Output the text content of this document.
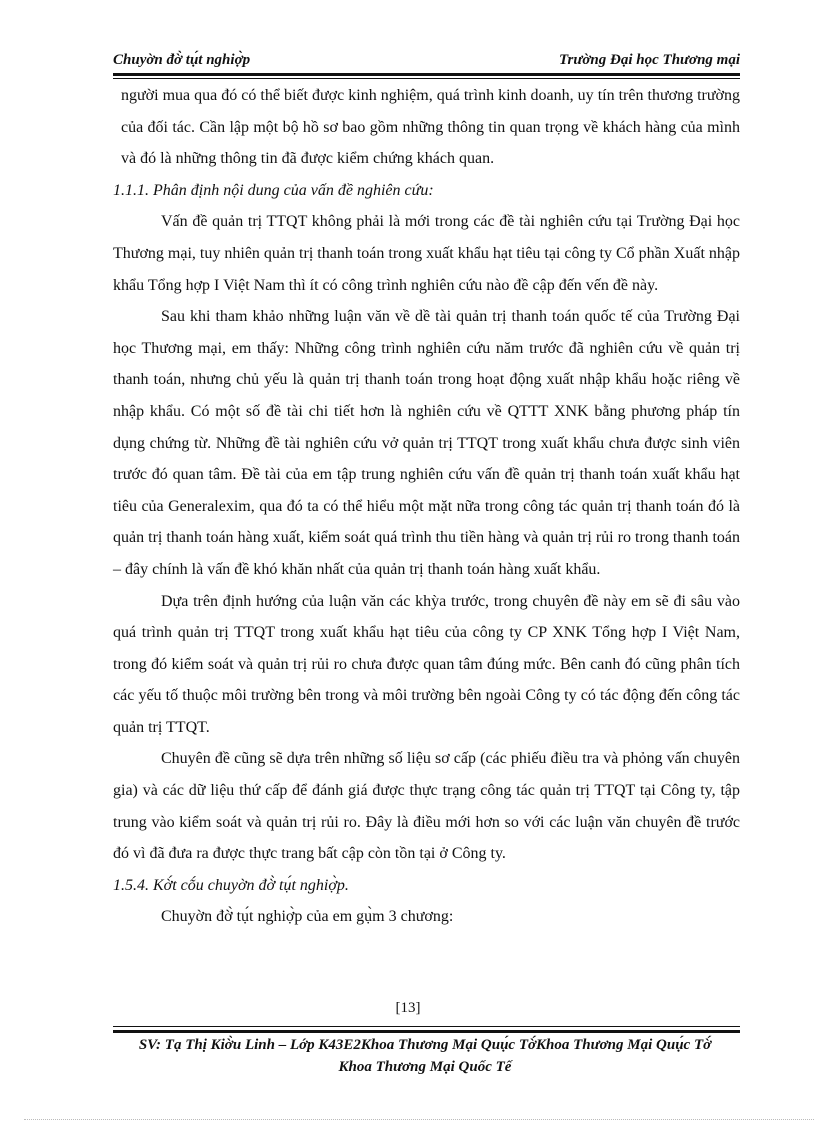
Chuyờn đờ̀ tụ́t nghiợ̀p	Trường Đại học Thương mại

người mua qua đó có thể biết được kinh nghiệm, quá trình kinh doanh, uy tín trên thương trường của đối tác. Cần lập một bộ hồ sơ bao gồm những thông tin quan trọng về khách hàng của mình và đó là những thông tin đã được kiểm chứng khách quan.

1.1.1. Phân định nội dung của vấn đề nghiên cứu:

Vấn đề quản trị TTQT không phải là mới trong các đề tài nghiên cứu tại Trường Đại học Thương mại, tuy nhiên quản trị thanh toán trong xuất khẩu hạt tiêu tại công ty Cổ phần Xuất nhập khẩu Tổng hợp I Việt Nam thì ít có công trình nghiên cứu nào đề cập đến vến đề này.

Sau khi tham khảo những luận văn về dề tài quản trị thanh toán quốc tế của Trường Đại học Thương mại, em thấy: Những công trình nghiên cứu năm trước đã nghiên cứu về quản trị thanh toán, nhưng chủ yếu là quản trị thanh toán trong hoạt động xuất nhập khẩu hoặc riêng về nhập khẩu. Có một số đề tài chi tiết hơn là nghiên cứu về QTTT XNK bằng phương pháp tín dụng chứng từ. Những đề tài nghiên cứu vở quản trị TTQT trong xuất khẩu chưa được sinh viên trước đó quan tâm. Đề tài của em tập trung nghiên cứu vấn đề quản trị thanh toán xuất khẩu hạt tiêu của Generalexim, qua đó ta có thể hiểu một mặt nữa trong công tác quản trị thanh toán đó là quản trị thanh toán hàng xuất, kiểm soát quá trình thu tiền hàng và quản trị rủi ro trong thanh toán – đây chính là vấn đề khó khăn nhất của quản trị thanh toán hàng xuất khẩu.

Dựa trên định hướng của luận văn các khỳa trước, trong chuyên đề này em sẽ đi sâu vào quá trình quản trị TTQT trong xuất khẩu hạt tiêu của công ty CP XNK Tổng hợp I Việt Nam, trong đó kiểm soát và quản trị rủi ro chưa được quan tâm đúng mức. Bên canh đó cũng phân tích các yếu tố thuộc môi trường bên trong và môi trường bên ngoài Công ty có tác động đến công tác quản trị TTQT.

Chuyên đề cũng sẽ dựa trên những số liệu sơ cấp (các phiếu điều tra và phỏng vấn chuyên gia) và các dữ liệu thứ cấp để đánh giá được thực trạng công tác quản trị TTQT tại Công ty, tập trung vào kiểm soát và quản trị rủi ro. Đây là điều mới hơn so với các luận văn chuyên đề trước đó vì đã đưa ra được thực trang bất cập còn tồn tại ở Công ty.

1.5.4. Kờ́t cṍu chuyờn đờ̀ tụ́t nghiợ̀p.

Chuyờn đờ̀ tụ́t nghiợ̀p của em gụ̀m 3 chương:

[13]
SV: Tạ Thị Kiờ̀u Linh – Lớp K43E2Khoa Thương Mại Quụ́c Tờ́Khoa Thương Mại Quụ́c Tờ́
Khoa Thương Mại Quốc Tế
